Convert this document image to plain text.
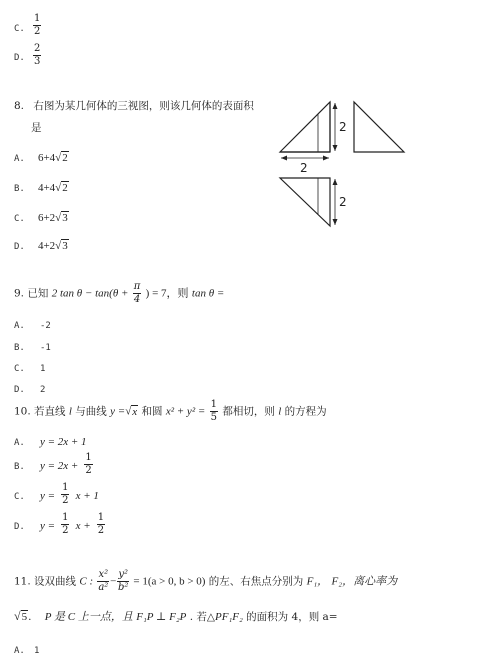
C. $\frac{1}{2}$
D. $\frac{2}{3}$
8. 右图为某几何体的三视图，则该几何体的表面积
是
A. 6+4√2
B. 4+4√2
C. 6+2√3
D. 4+2√3
2
2
2
9. 已知 2 $\tan \theta - \tan(\theta + \frac{\pi}{4}$ ) = 7，则 tan θ =
A. -2
B. -1
C. 1
D. 2
10. 若直线 l 与曲线 y =√x 和圆 $x^2 + y^2 = \frac{1}{5}$ 都相切，则 l 的方程为
A. y = 2x + 1
B. $y = 2x + \frac{1}{2}$
C. $y = \frac{1}{2}$ x + 1
D. $y = \frac{1}{2}$ $x + \frac{1}{2}$
11. 设双曲线 C : $\frac{\text{x²}}{\text{a²}} - \frac{\text{y²}}{\text{b²}} = 1(a > 0$, b > 0) 的左、右焦点分别为 F₁， F₂，离心率为
√5. P 是 C 上一点，且 F₁P ⊥ F₂P . 若△PF₁F₂ 的面积为 4，则 a=
A. 1
